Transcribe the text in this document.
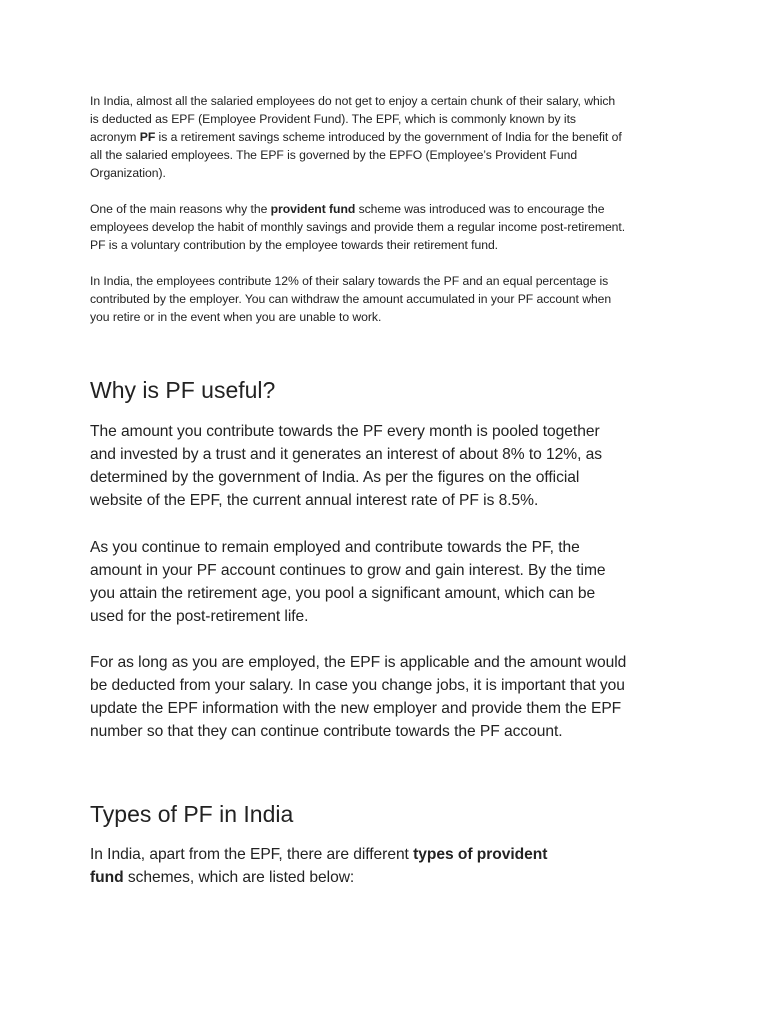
In India, almost all the salaried employees do not get to enjoy a certain chunk of their salary, which
is deducted as EPF (Employee Provident Fund). The EPF, which is commonly known by its
acronym PF is a retirement savings scheme introduced by the government of India for the benefit of
all the salaried employees. The EPF is governed by the EPFO (Employee’s Provident Fund
Organization).

One of the main reasons why the provident fund scheme was introduced was to encourage the
employees develop the habit of monthly savings and provide them a regular income post-retirement.
PF is a voluntary contribution by the employee towards their retirement fund.

In India, the employees contribute 12% of their salary towards the PF and an equal percentage is
contributed by the employer. You can withdraw the amount accumulated in your PF account when
you retire or in the event when you are unable to work.

Why is PF useful?

The amount you contribute towards the PF every month is pooled together
and invested by a trust and it generates an interest of about 8% to 12%, as
determined by the government of India. As per the figures on the official
website of the EPF, the current annual interest rate of PF is 8.5%.

As you continue to remain employed and contribute towards the PF, the
amount in your PF account continues to grow and gain interest. By the time
you attain the retirement age, you pool a significant amount, which can be
used for the post-retirement life.

For as long as you are employed, the EPF is applicable and the amount would
be deducted from your salary. In case you change jobs, it is important that you
update the EPF information with the new employer and provide them the EPF
number so that they can continue contribute towards the PF account.

Types of PF in India

In India, apart from the EPF, there are different types of provident
fund schemes, which are listed below:
